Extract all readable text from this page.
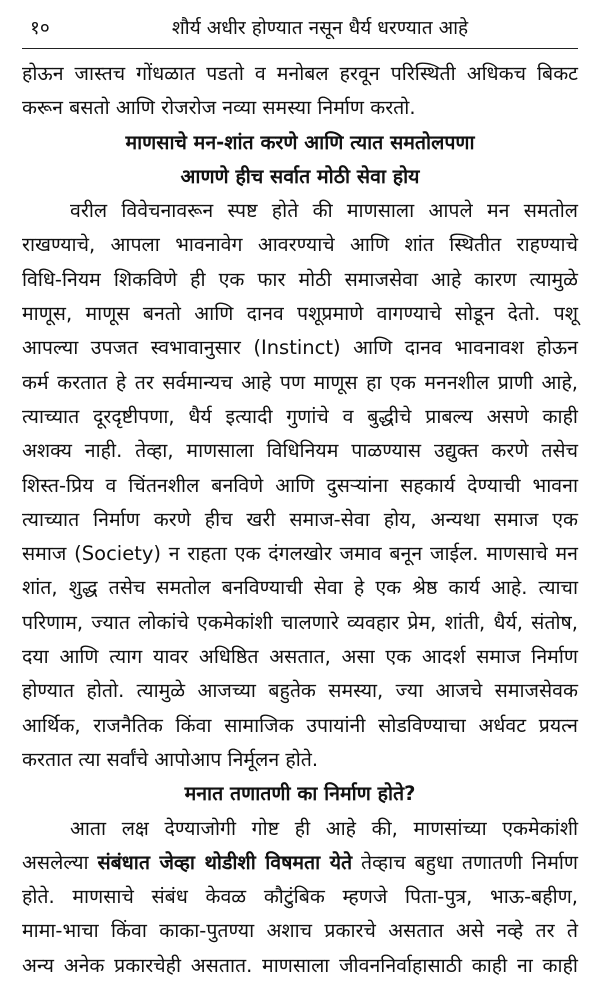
१०	शौर्य अधीर होण्यात नसून धैर्य धरण्यात आहे
होऊन जास्तच गोंधळात पडतो व मनोबल हरवून परिस्थिती अधिकच बिकट
करून बसतो आणि रोजरोज नव्या समस्या निर्माण करतो.
माणसाचे मन-शांत करणे आणि त्यात समतोलपणा
आणणे हीच सर्वात मोठी सेवा होय
वरील विवेचनावरून स्पष्ट होते की माणसाला आपले मन समतोल
राखण्याचे, आपला भावनावेग आवरण्याचे आणि शांत स्थितीत राहण्याचे
विधि-नियम शिकविणे ही एक फार मोठी समाजसेवा आहे कारण त्यामुळे
माणूस, माणूस बनतो आणि दानव पशूप्रमाणे वागण्याचे सोडून देतो. पशू
आपल्या उपजत स्वभावानुसार (Instinct) आणि दानव भावनावश होऊन
कर्म करतात हे तर सर्वमान्यच आहे पण माणूस हा एक मननशील प्राणी आहे,
त्याच्यात दूरदृष्टीपणा, धैर्य इत्यादी गुणांचे व बुद्धीचे प्राबल्य असणे काही
अशक्य नाही. तेव्हा, माणसाला विधिनियम पाळण्यास उद्युक्त करणे तसेच
शिस्त-प्रिय व चिंतनशील बनविणे आणि दुसऱ्यांना सहकार्य देण्याची भावना
त्याच्यात निर्माण करणे हीच खरी समाज-सेवा होय, अन्यथा समाज एक
समाज (Society) न राहता एक दंगलखोर जमाव बनून जाईल. माणसाचे मन
शांत, शुद्ध तसेच समतोल बनविण्याची सेवा हे एक श्रेष्ठ कार्य आहे. त्याचा
परिणाम, ज्यात लोकांचे एकमेकांशी चालणारे व्यवहार प्रेम, शांती, धैर्य, संतोष,
दया आणि त्याग यावर अधिष्ठित असतात, असा एक आदर्श समाज निर्माण
होण्यात होतो. त्यामुळे आजच्या बहुतेक समस्या, ज्या आजचे समाजसेवक
आर्थिक, राजनैतिक किंवा सामाजिक उपायांनी सोडविण्याचा अर्धवट प्रयत्न
करतात त्या सर्वांचे आपोआप निर्मूलन होते.
मनात तणातणी का निर्माण होते?
आता लक्ष देण्याजोगी गोष्ट ही आहे की, माणसांच्या एकमेकांशी
असलेल्या संबंधात जेव्हा थोडीशी विषमता येते तेव्हाच बहुधा तणातणी निर्माण
होते. माणसाचे संबंध केवळ कौटुंबिक म्हणजे पिता-पुत्र, भाऊ-बहीण,
मामा-भाचा किंवा काका-पुतण्या अशाच प्रकारचे असतात असे नव्हे तर ते
अन्य अनेक प्रकारचेही असतात. माणसाला जीवननिर्वाहासाठी काही ना काही
